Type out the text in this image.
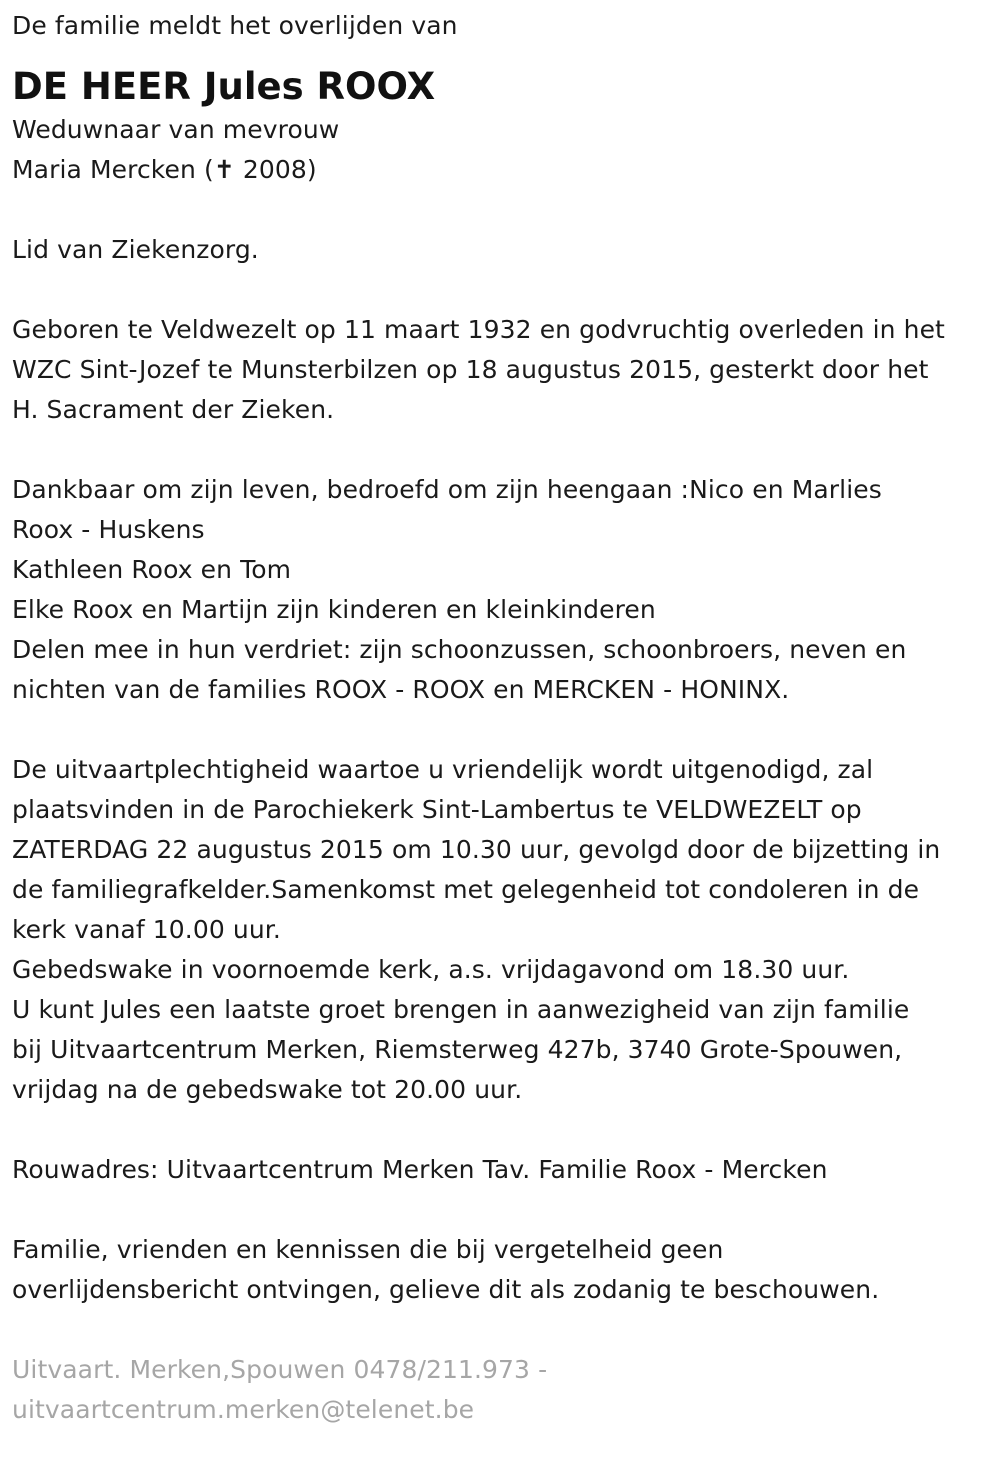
De familie meldt het overlijden van
DE HEER Jules ROOX
Weduwnaar van mevrouw
Maria Mercken (✝ 2008)
Lid van Ziekenzorg.
Geboren te Veldwezelt op 11 maart 1932 en godvruchtig overleden in het
WZC Sint-Jozef te Munsterbilzen op 18 augustus 2015, gesterkt door het
H. Sacrament der Zieken.
Dankbaar om zijn leven, bedroefd om zijn heengaan :Nico en Marlies
Roox - Huskens
Kathleen Roox en Tom
Elke Roox en Martijn zijn kinderen en kleinkinderen
Delen mee in hun verdriet: zijn schoonzussen, schoonbroers, neven en
nichten van de families ROOX - ROOX en MERCKEN - HONINX.
De uitvaartplechtigheid waartoe u vriendelijk wordt uitgenodigd, zal
plaatsvinden in de Parochiekerk Sint-Lambertus te VELDWEZELT op
ZATERDAG 22 augustus 2015 om 10.30 uur, gevolgd door de bijzetting in
de familiegrafkelder.Samenkomst met gelegenheid tot condoleren in de
kerk vanaf 10.00 uur.
Gebedswake in voornoemde kerk, a.s. vrijdagavond om 18.30 uur.
U kunt Jules een laatste groet brengen in aanwezigheid van zijn familie
bij Uitvaartcentrum Merken, Riemsterweg 427b, 3740 Grote-Spouwen,
vrijdag na de gebedswake tot 20.00 uur.
Rouwadres: Uitvaartcentrum Merken Tav. Familie Roox - Mercken
Familie, vrienden en kennissen die bij vergetelheid geen
overlijdensbericht ontvingen, gelieve dit als zodanig te beschouwen.
Uitvaart. Merken,Spouwen 0478/211.973 -
uitvaartcentrum.merken@telenet.be
